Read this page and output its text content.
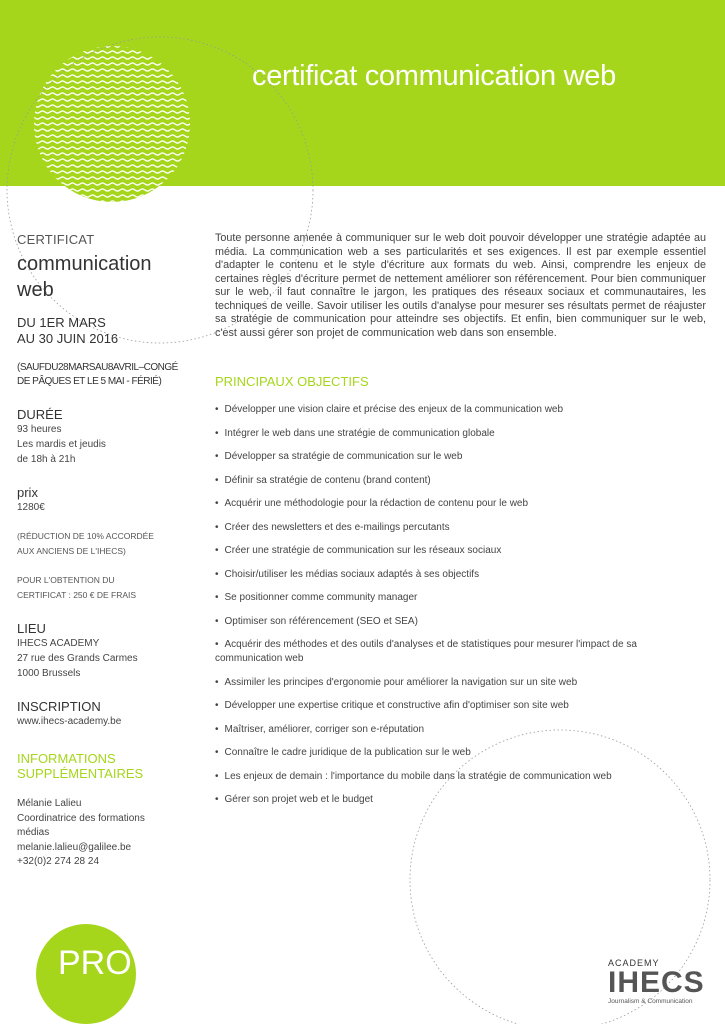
certificat communication web
CERTIFICAT
communication
web
DU 1ER MARS
AU 30 JUIN 2016
(SAUFDU28MARSAU8AVRIL–CONGÉ
DE PÂQUES ET LE 5 MAI - FÉRIÉ)
DURÉE
93 heures
Les mardis et jeudis
de 18h à 21h
prix
1280€
(RÉDUCTION DE 10% ACCORDÉE
AUX ANCIENS DE L'IHECS)
POUR L'OBTENTION DU
CERTIFICAT : 250 € DE FRAIS
LIEU
IHECS ACADEMY
27 rue des Grands Carmes
1000 Brussels
INSCRIPTION
www.ihecs-academy.be
INFORMATIONS
SUPPLÉMENTAIRES
Mélanie Lalieu
Coordinatrice des formations
médias
melanie.lalieu@galilee.be
+32(0)2 274 28 24
Toute personne amenée à communiquer sur le web doit pouvoir développer une stratégie adaptée au média. La communication web a ses particularités et ses exigences. Il est par exemple essentiel d'adapter le contenu et le style d'écriture aux formats du web. Ainsi, comprendre les enjeux de certaines règles d'écriture permet de nettement améliorer son référencement. Pour bien communiquer sur le web, il faut connaître le jargon, les pratiques des réseaux sociaux et communautaires, les techniques de veille. Savoir utiliser les outils d'analyse pour mesurer ses résultats permet de réajuster sa stratégie de communication pour atteindre ses objectifs. Et enfin, bien communiquer sur le web, c'est aussi gérer son projet de communication web dans son ensemble.
PRINCIPAUX OBJECTIFS
• Développer une vision claire et précise des enjeux de la communication web
• Intégrer le web dans une stratégie de communication globale
• Développer sa stratégie de communication sur le web
• Définir sa stratégie de contenu (brand content)
• Acquérir une méthodologie pour la rédaction de contenu pour le web
• Créer des newsletters et des e-mailings percutants
• Créer une stratégie de communication sur les réseaux sociaux
• Choisir/utiliser les médias sociaux adaptés à ses objectifs
• Se positionner comme community manager
• Optimiser son référencement (SEO et SEA)
• Acquérir des méthodes et des outils d'analyses et de statistiques pour mesurer l'impact de sa communication web
• Assimiler les principes d'ergonomie pour améliorer la navigation sur un site web
• Développer une expertise critique et constructive afin d'optimiser son site web
• Maîtriser, améliorer, corriger son e-réputation
• Connaître le cadre juridique de la publication sur le web
• Les enjeux de demain : l'importance du mobile dans la stratégie de communication web
• Gérer son projet web et le budget
PRO	ACADEMY
IHECS
Journalism & Communication
